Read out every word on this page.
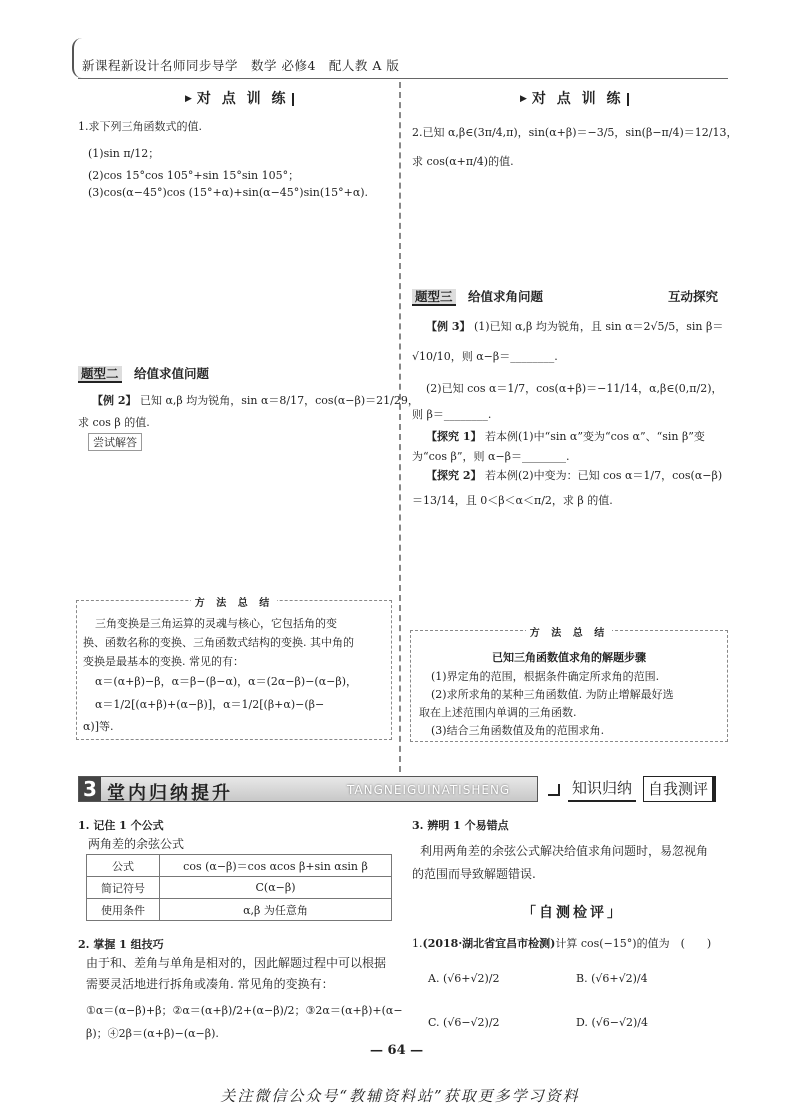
新课程新设计名师同步导学　数学 必修4　配人教 A 版
▶ 对 点 训 练
1.求下列三角函数式的值.
(1)sin π/12；
(2)cos 15°cos 105°+sin 15°sin 105°；
(3)cos(α−45°)cos (15°+α)+sin(α−45°)sin(15°+α).
▶ 对 点 训 练
2.已知 α,β∈(3π/4,π)，sin(α+β)＝−3/5，sin(β−π/4)＝12/13，
求 cos(α+π/4)的值.
题型三　 给值求角问题	互动探究
【例 3】 (1)已知 α,β 均为锐角，且 sin α＝2√5/5，sin β＝
√10/10，则 α−β＝________.
(2)已知 cos α＝1/7，cos(α+β)＝−11/14，α,β∈(0,π/2)，
则 β＝________.
【探究 1】 若本例(1)中“sin α”变为“cos α”、“sin β”变
为“cos β”，则 α−β＝________.
【探究 2】 若本例(2)中变为：已知 cos α＝1/7，cos(α−β)
＝13/14，且 0＜β＜α＜π/2，求 β 的值.
题型二　 给值求值问题
【例 2】 已知 α,β 均为锐角，sin α＝8/17，cos(α−β)＝21/29，
求 cos β 的值.
尝试解答
方 法 总 结
三角变换是三角运算的灵魂与核心，它包括角的变
换、函数名称的变换、三角函数式结构的变换. 其中角的
变换是最基本的变换. 常见的有：
α＝(α+β)−β，α＝β−(β−α)，α＝(2α−β)−(α−β)，
α＝1/2[(α+β)+(α−β)]，α＝1/2[(β+α)−(β−
α)]等.
方 法 总 结
已知三角函数值求角的解题步骤
(1)界定角的范围，根据条件确定所求角的范围.
(2)求所求角的某种三角函数值. 为防止增解最好选
取在上述范围内单调的三角函数.
(3)结合三角函数值及角的范围求角.
3 堂内归纳提升	TANGNEIGUINATISHENG	知识归纳	自我测评
1. 记住 1 个公式
两角差的余弦公式
公式	cos (α−β)＝cos αcos β+sin αsin β
简记符号	C(α−β)
使用条件	α,β 为任意角
2. 掌握 1 组技巧
由于和、差角与单角是相对的，因此解题过程中可以根据
需要灵活地进行拆角或凑角. 常见角的变换有：
①α＝(α−β)+β；②α＝(α+β)/2+(α−β)/2；③2α＝(α+β)+(α−
β)；④2β＝(α+β)−(α−β).
3. 辨明 1 个易错点
利用两角差的余弦公式解决给值求角问题时，易忽视角
的范围而导致解题错误.
「自测检评」
1.(2018·湖北省宜昌市检测)计算 cos(−15°)的值为　(　　)
A. (√6+√2)/2	B. (√6+√2)/4
C. (√6−√2)/2	D. (√6−√2)/4
— 64 —
关注微信公众号“教辅资料站”获取更多学习资料
